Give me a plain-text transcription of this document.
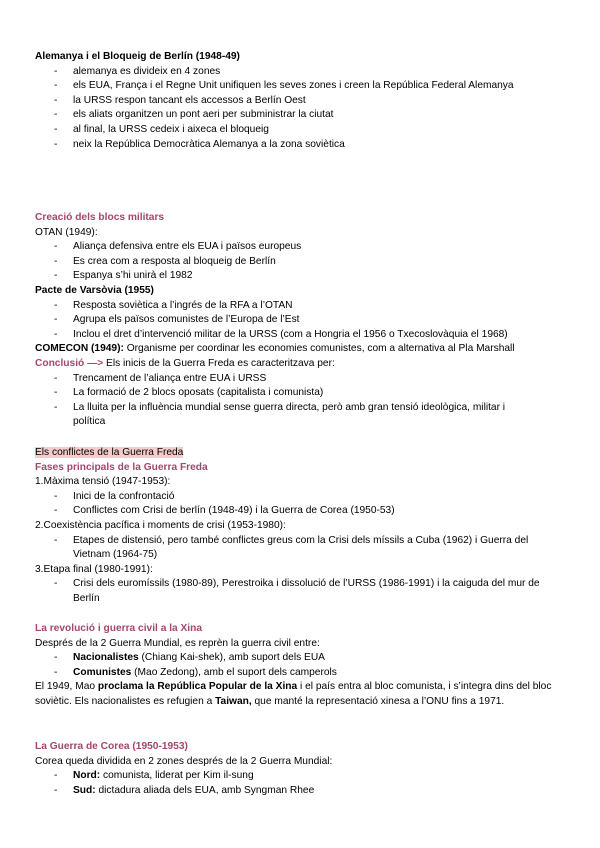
Alemanya i el Bloqueig de Berlín (1948-49)
- alemanya es divideix en 4 zones
- els EUA, França i el Regne Unit unifiquen les seves zones i creen la República Federal Alemanya
- la URSS respon tancant els accessos a Berlín Oest
- els aliats organitzen un pont aeri per subministrar la ciutat
- al final, la URSS cedeix i aixeca el bloqueig
- neix la República Democràtica Alemanya a la zona soviètica
Creació dels blocs militars
OTAN (1949):
- Aliança defensiva entre els EUA i països europeus
- Es crea com a resposta al bloqueig de Berlín
- Espanya s’hi unirà el 1982
Pacte de Varsòvia (1955)
- Resposta soviètica a l’ingrés de la RFA a l’OTAN
- Agrupa els països comunistes de l’Europa de l’Est
- Inclou el dret d’intervenció militar de la URSS (com a Hongria el 1956 o Txecoslovàquia el 1968)
COMECON (1949): Organisme per coordinar les economies comunistes, com a alternativa al Pla Marshall
Conclusió —> Els inicis de la Guerra Freda es caracteritzava per:
- Trencament de l’aliança entre EUA i URSS
- La formació de 2 blocs oposats (capitalista i comunista)
- La lluita per la influència mundial sense guerra directa, però amb gran tensió ideològica, militar i política
Els conflictes de la Guerra Freda
Fases principals de la Guerra Freda
1.Màxima tensió (1947-1953):
- Inici de la confrontació
- Conflictes com Crisi de berlín (1948-49) i la Guerra de Corea (1950-53)
2.Coexistència pacífica i moments de crisi (1953-1980):
- Etapes de distensió, pero també conflictes greus com la Crisi dels míssils a Cuba (1962) i Guerra del Vietnam (1964-75)
3.Etapa final (1980-1991):
- Crisi dels euromíssils (1980-89), Perestroika i dissolució de l’URSS (1986-1991) i la caiguda del mur de Berlín
La revolució i guerra civil a la Xina
Després de la 2 Guerra Mundial, es reprèn la guerra civil entre:
- Nacionalistes (Chiang Kai-shek), amb suport dels EUA
- Comunistes (Mao Zedong), amb el suport dels camperols
El 1949, Mao proclama la República Popular de la Xina i el país entra al bloc comunista, i s’integra dins del bloc soviètic. Els nacionalistes es refugien a Taiwan, que manté la representació xinesa a l’ONU fins a 1971.
La Guerra de Corea (1950-1953)
Corea queda dividida en 2 zones després de la 2 Guerra Mundial:
- Nord: comunista, liderat per Kim il-sung
- Sud: dictadura aliada dels EUA, amb Syngman Rhee
